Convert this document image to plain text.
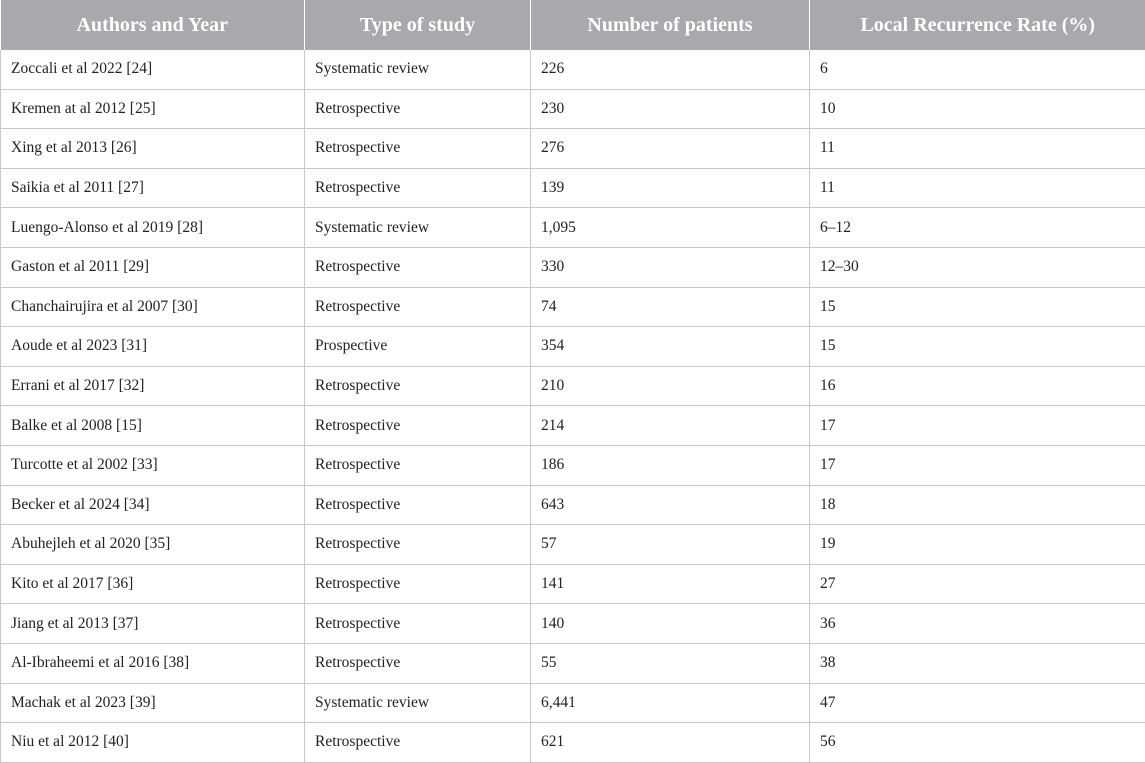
Authors and Year	Type of study	Number of patients	Local Recurrence Rate (%)
Zoccali et al 2022 [24]	Systematic review	226	6
Kremen at al 2012 [25]	Retrospective	230	10
Xing et al 2013 [26]	Retrospective	276	11
Saikia et al 2011 [27]	Retrospective	139	11
Luengo-Alonso et al 2019 [28]	Systematic review	1,095	6–12
Gaston et al 2011 [29]	Retrospective	330	12–30
Chanchairujira et al 2007 [30]	Retrospective	74	15
Aoude et al 2023 [31]	Prospective	354	15
Errani et al 2017 [32]	Retrospective	210	16
Balke et al 2008 [15]	Retrospective	214	17
Turcotte et al 2002 [33]	Retrospective	186	17
Becker et al 2024 [34]	Retrospective	643	18
Abuhejleh et al 2020 [35]	Retrospective	57	19
Kito et al 2017 [36]	Retrospective	141	27
Jiang et al 2013 [37]	Retrospective	140	36
Al-Ibraheemi et al 2016 [38]	Retrospective	55	38
Machak et al 2023 [39]	Systematic review	6,441	47
Niu et al 2012 [40]	Retrospective	621	56
